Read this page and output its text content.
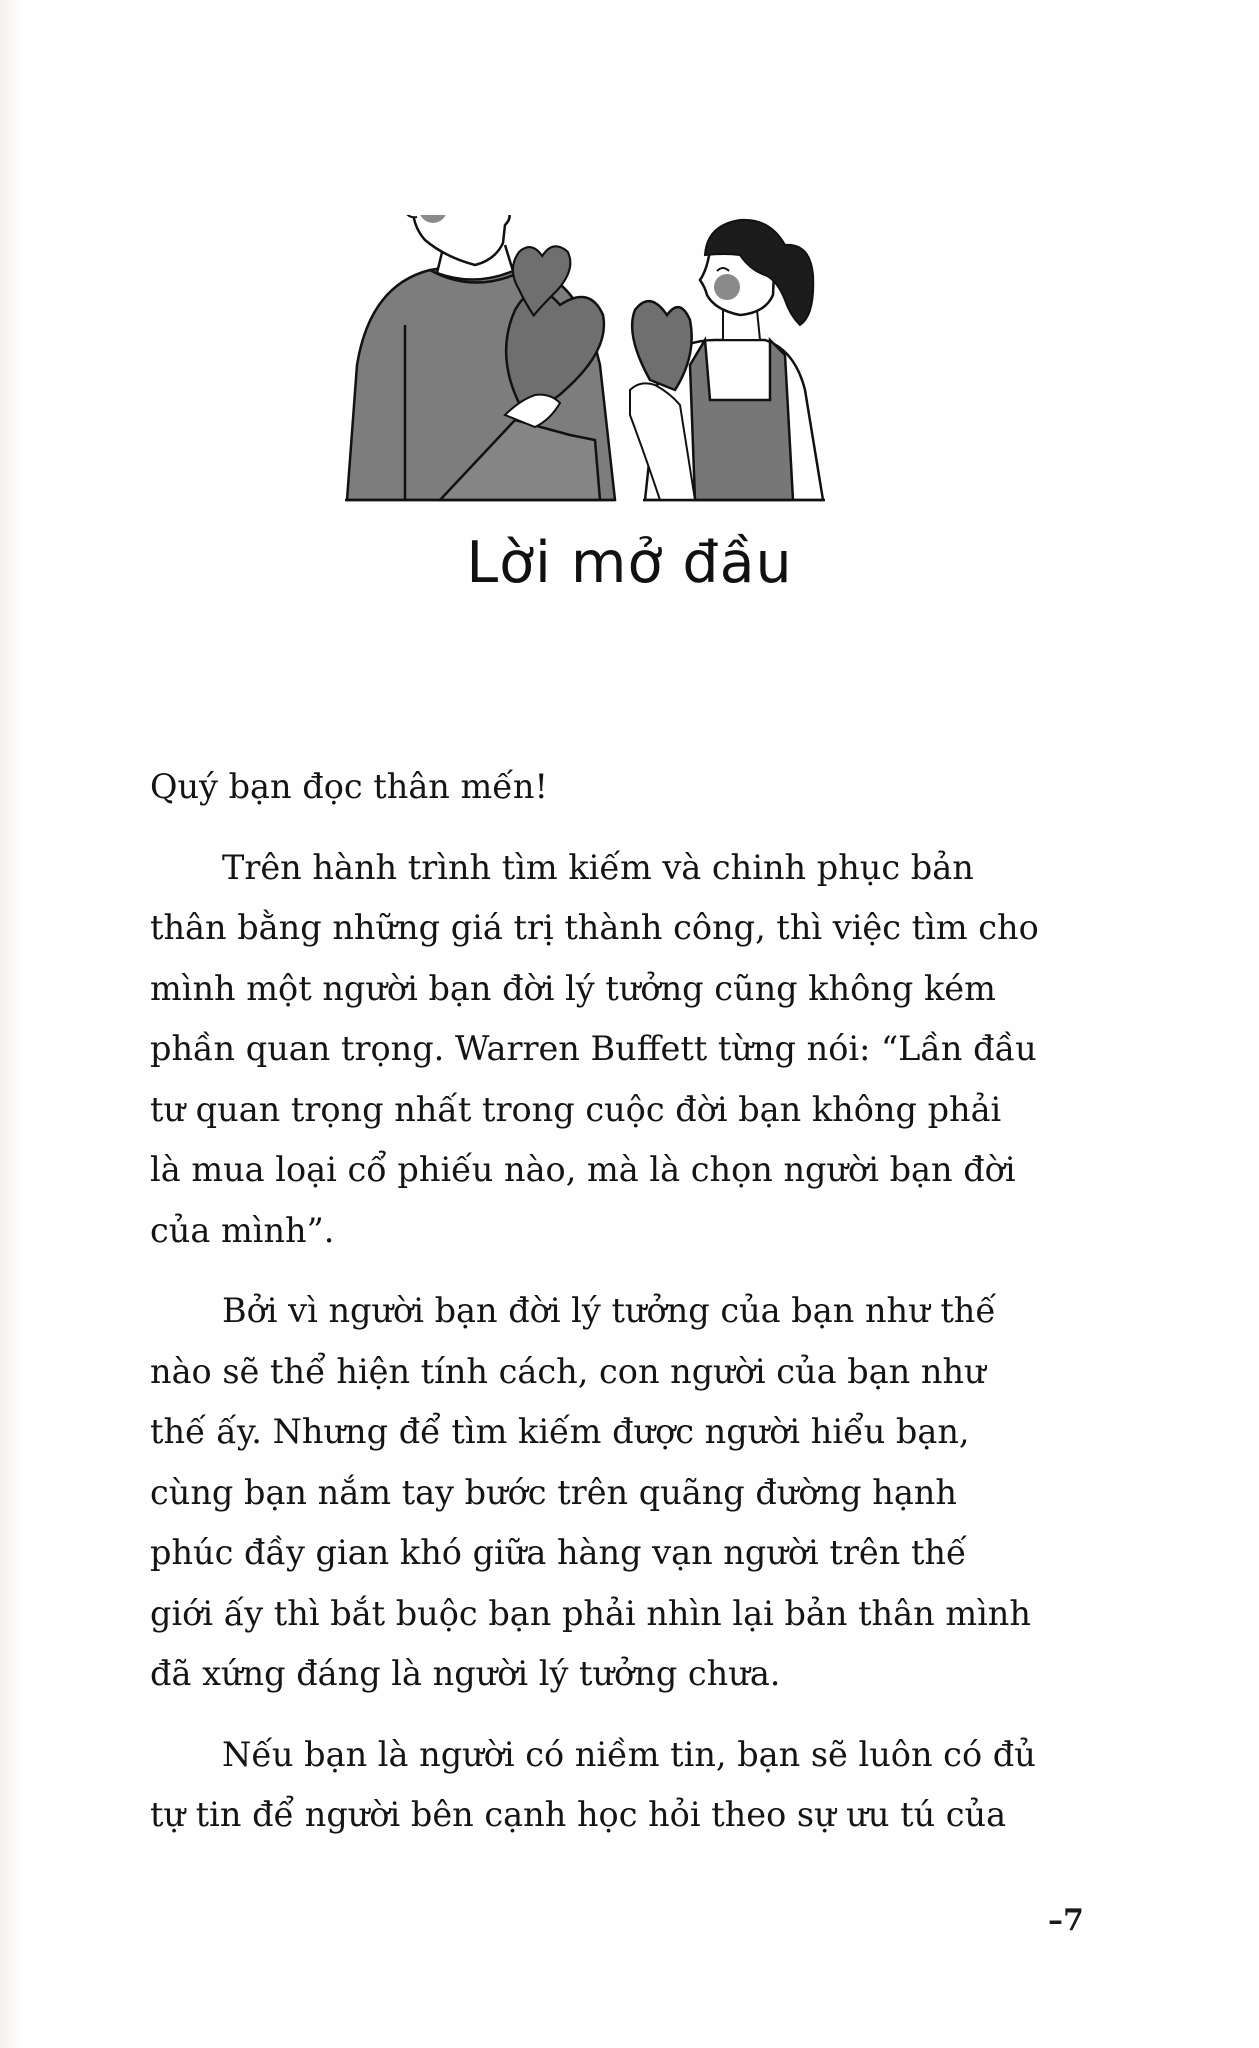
Lời mở đầu
Quý bạn đọc thân mến!
Trên hành trình tìm kiếm và chinh phục bản
thân bằng những giá trị thành công, thì việc tìm cho
mình một người bạn đời lý tưởng cũng không kém
phần quan trọng. Warren Buffett từng nói: “Lần đầu
tư quan trọng nhất trong cuộc đời bạn không phải
là mua loại cổ phiếu nào, mà là chọn người bạn đời
của mình”.
Bởi vì người bạn đời lý tưởng của bạn như thế
nào sẽ thể hiện tính cách, con người của bạn như
thế ấy. Nhưng để tìm kiếm được người hiểu bạn,
cùng bạn nắm tay bước trên quãng đường hạnh
phúc đầy gian khó giữa hàng vạn người trên thế
giới ấy thì bắt buộc bạn phải nhìn lại bản thân mình
đã xứng đáng là người lý tưởng chưa.
Nếu bạn là người có niềm tin, bạn sẽ luôn có đủ
tự tin để người bên cạnh học hỏi theo sự ưu tú của
–7
